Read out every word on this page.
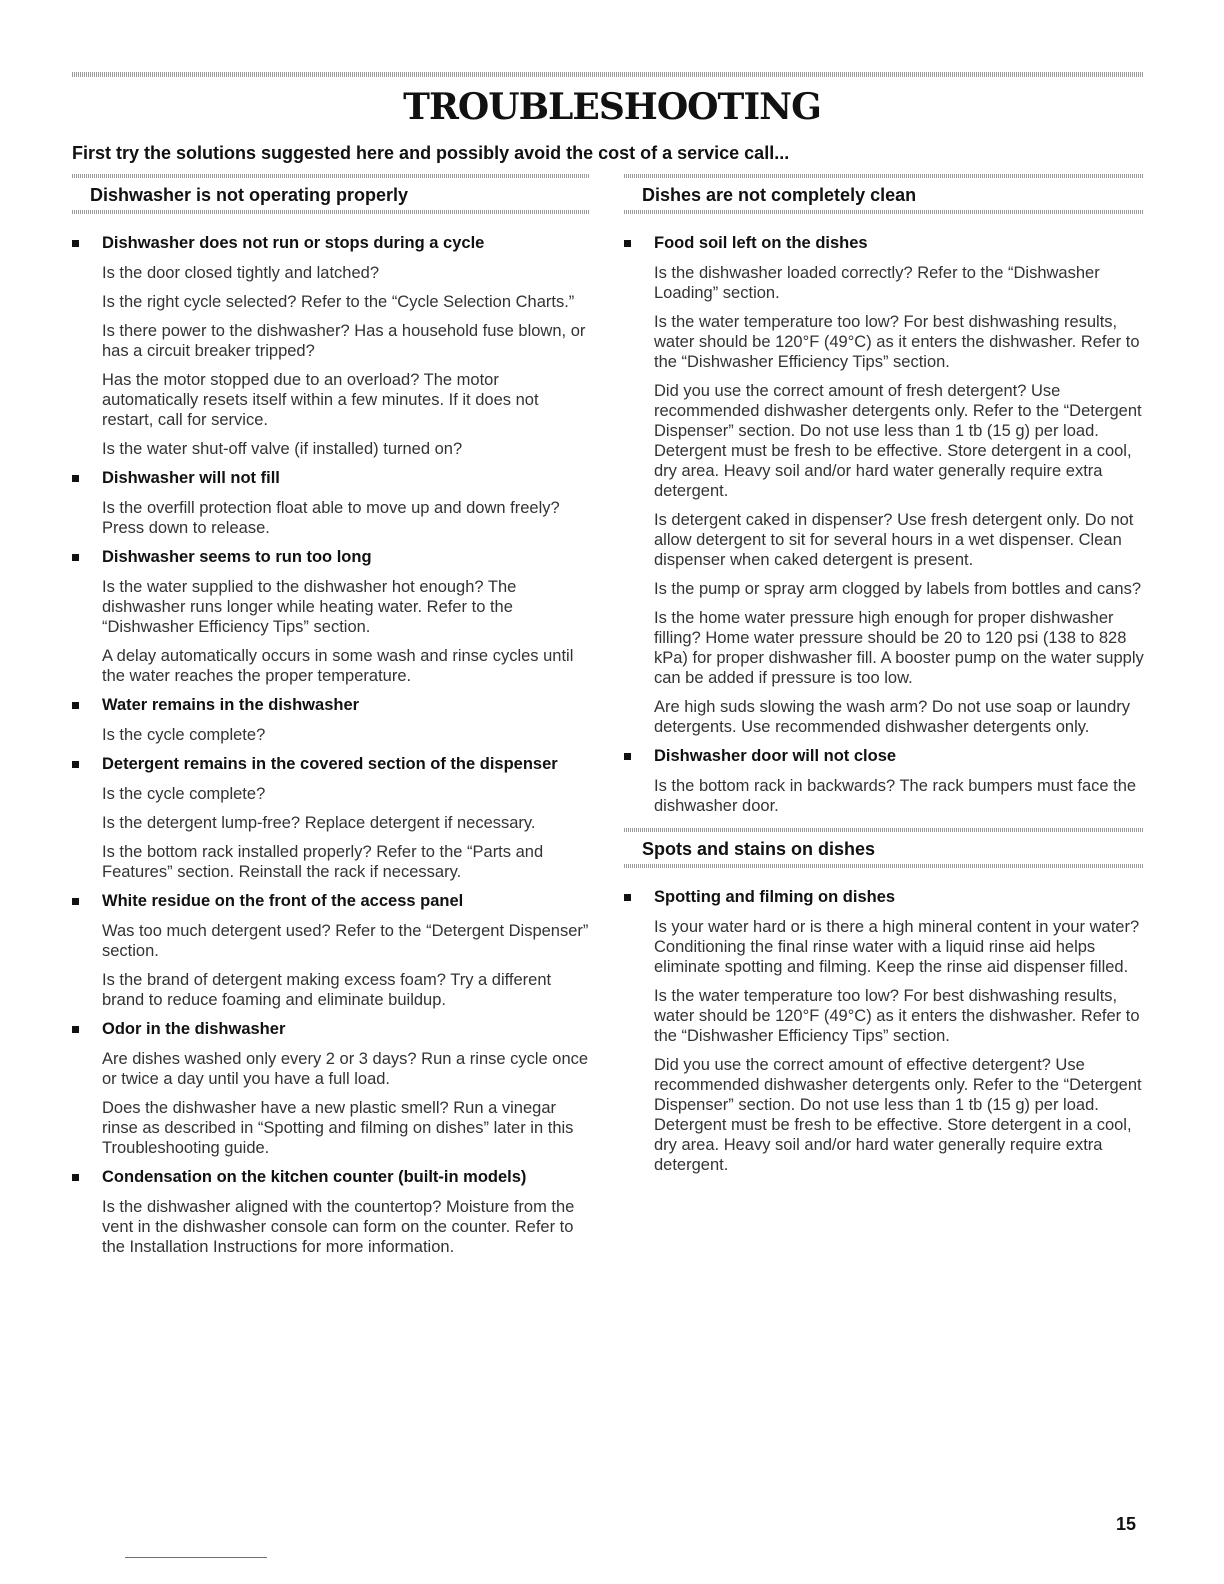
TROUBLESHOOTING

First try the solutions suggested here and possibly avoid the cost of a service call...

Dishwasher is not operating properly
Dishwasher does not run or stops during a cycle

Is the door closed tightly and latched?

Is the right cycle selected? Refer to the “Cycle Selection Charts.”

Is there power to the dishwasher? Has a household fuse blown, or has a circuit breaker tripped?

Has the motor stopped due to an overload? The motor automatically resets itself within a few minutes. If it does not restart, call for service.

Is the water shut-off valve (if installed) turned on?

Dishwasher will not fill

Is the overfill protection float able to move up and down freely? Press down to release.

Dishwasher seems to run too long

Is the water supplied to the dishwasher hot enough? The dishwasher runs longer while heating water. Refer to the “Dishwasher Efficiency Tips” section.

A delay automatically occurs in some wash and rinse cycles until the water reaches the proper temperature.

Water remains in the dishwasher

Is the cycle complete?

Detergent remains in the covered section of the dispenser

Is the cycle complete?

Is the detergent lump-free? Replace detergent if necessary.

Is the bottom rack installed properly? Refer to the “Parts and Features” section. Reinstall the rack if necessary.

White residue on the front of the access panel

Was too much detergent used? Refer to the “Detergent Dispenser” section.

Is the brand of detergent making excess foam? Try a different brand to reduce foaming and eliminate buildup.

Odor in the dishwasher

Are dishes washed only every 2 or 3 days? Run a rinse cycle once or twice a day until you have a full load.

Does the dishwasher have a new plastic smell? Run a vinegar rinse as described in “Spotting and filming on dishes” later in this Troubleshooting guide.

Condensation on the kitchen counter (built-in models)

Is the dishwasher aligned with the countertop? Moisture from the vent in the dishwasher console can form on the counter. Refer to the Installation Instructions for more information.

Dishes are not completely clean
Food soil left on the dishes

Is the dishwasher loaded correctly? Refer to the “Dishwasher Loading” section.

Is the water temperature too low? For best dishwashing results, water should be 120°F (49°C) as it enters the dishwasher. Refer to the “Dishwasher Efficiency Tips” section.

Did you use the correct amount of fresh detergent? Use recommended dishwasher detergents only. Refer to the “Detergent Dispenser” section. Do not use less than 1 tb (15 g) per load. Detergent must be fresh to be effective. Store detergent in a cool, dry area. Heavy soil and/or hard water generally require extra detergent.

Is detergent caked in dispenser? Use fresh detergent only. Do not allow detergent to sit for several hours in a wet dispenser. Clean dispenser when caked detergent is present.

Is the pump or spray arm clogged by labels from bottles and cans?

Is the home water pressure high enough for proper dishwasher filling? Home water pressure should be 20 to 120 psi (138 to 828 kPa) for proper dishwasher fill. A booster pump on the water supply can be added if pressure is too low.

Are high suds slowing the wash arm? Do not use soap or laundry detergents. Use recommended dishwasher detergents only.

Dishwasher door will not close

Is the bottom rack in backwards? The rack bumpers must face the dishwasher door.

Spots and stains on dishes
Spotting and filming on dishes

Is your water hard or is there a high mineral content in your water? Conditioning the final rinse water with a liquid rinse aid helps eliminate spotting and filming. Keep the rinse aid dispenser filled.

Is the water temperature too low? For best dishwashing results, water should be 120°F (49°C) as it enters the dishwasher. Refer to the “Dishwasher Efficiency Tips” section.

Did you use the correct amount of effective detergent? Use recommended dishwasher detergents only. Refer to the “Detergent Dispenser” section. Do not use less than 1 tb (15 g) per load. Detergent must be fresh to be effective. Store detergent in a cool, dry area. Heavy soil and/or hard water generally require extra detergent.

15
